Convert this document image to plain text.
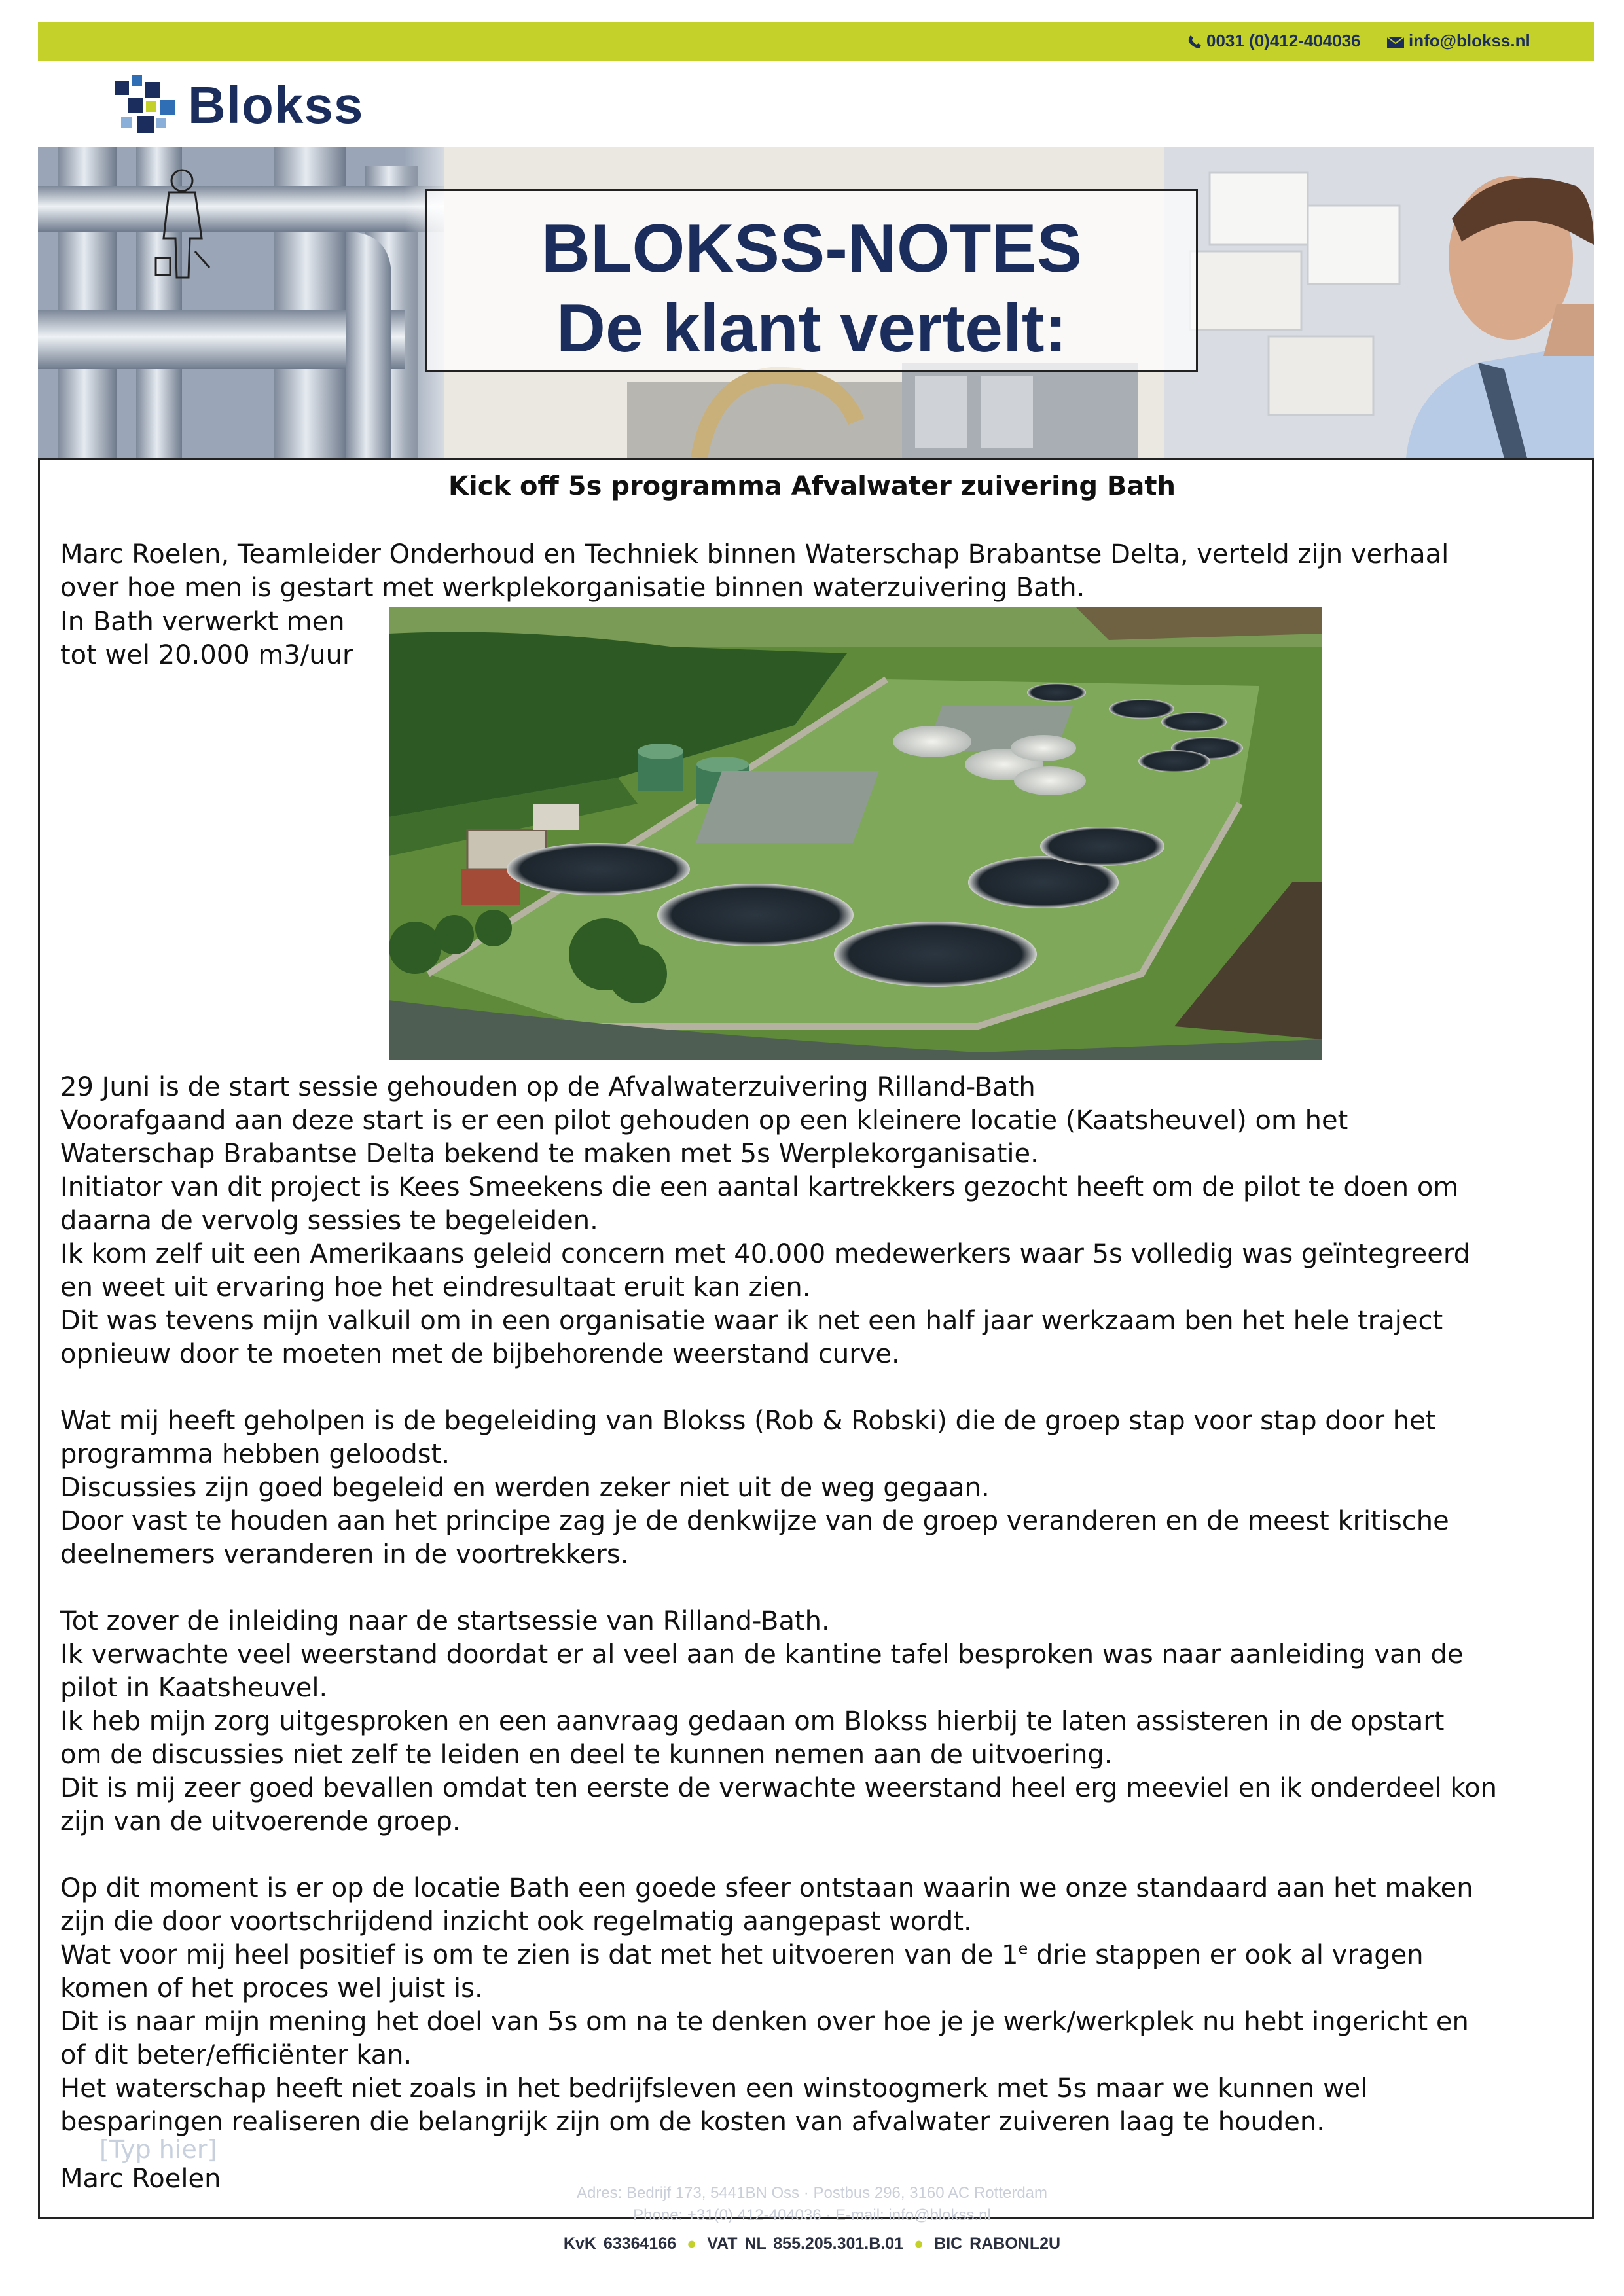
0031 (0)412-404036	info@blokss.nl
Blokss
BLOKSS-NOTES
De klant vertelt:
Kick off 5s programma Afvalwater zuivering Bath

Marc Roelen, Teamleider Onderhoud en Techniek binnen Waterschap Brabantse Delta, verteld zijn verhaal

over hoe men is gestart met werkplekorganisatie binnen waterzuivering Bath.

In Bath verwerkt men
tot wel 20.000 m3/uur

29 Juni is de start sessie gehouden op de Afvalwaterzuivering Rilland-Bath

Voorafgaand aan deze start is er een pilot gehouden op een kleinere locatie (Kaatsheuvel) om het

Waterschap Brabantse Delta bekend te maken met 5s Werplekorganisatie.

Initiator van dit project is Kees Smeekens die een aantal kartrekkers gezocht heeft om de pilot te doen om

daarna de vervolg sessies te begeleiden.

Ik kom zelf uit een Amerikaans geleid concern met 40.000 medewerkers waar 5s volledig was geïntegreerd

en weet uit ervaring hoe het eindresultaat eruit kan zien.

Dit was tevens mijn valkuil om in een organisatie waar ik net een half jaar werkzaam ben het hele traject

opnieuw door te moeten met de bijbehorende weerstand curve.

Wat mij heeft geholpen is de begeleiding van Blokss (Rob & Robski) die de groep stap voor stap door het

programma hebben geloodst.

Discussies zijn goed begeleid en werden zeker niet uit de weg gegaan.

Door vast te houden aan het principe zag je de denkwijze van de groep veranderen en de meest kritische

deelnemers veranderen in de voortrekkers.

Tot zover de inleiding naar de startsessie van Rilland-Bath.

Ik verwachte veel weerstand doordat er al veel aan de kantine tafel besproken was naar aanleiding van de

pilot in Kaatsheuvel.

Ik heb mijn zorg uitgesproken en een aanvraag gedaan om Blokss hierbij te laten assisteren in de opstart

om de discussies niet zelf te leiden en deel te kunnen nemen aan de uitvoering.

Dit is mij zeer goed bevallen omdat ten eerste de verwachte weerstand heel erg meeviel en ik onderdeel kon

zijn van de uitvoerende groep.

Op dit moment is er op de locatie Bath een goede sfeer ontstaan waarin we onze standaard aan het maken

zijn die door voortschrijdend inzicht ook regelmatig aangepast wordt.

Wat voor mij heel positief is om te zien is dat met het uitvoeren van de 1e drie stappen er ook al vragen

komen of het proces wel juist is.

Dit is naar mijn mening het doel van 5s om na te denken over hoe je je werk/werkplek nu hebt ingericht en

of dit beter/efficiënter kan.

Het waterschap heeft niet zoals in het bedrijfsleven een winstoogmerk met 5s maar we kunnen wel

besparingen realiseren die belangrijk zijn om de kosten van afvalwater zuiveren laag te houden.

[Typ hier]
Marc Roelen	Adres: Bedrijf 173, 5441BN Oss · Postbus 296, 3160 AC Rotterdam
Phone: +31(0) 412-404036 · E-mail: info@blokss.nl
KvK 63364166 ● VAT NL 855.205.301.B.01 ● BIC RABONL2U
